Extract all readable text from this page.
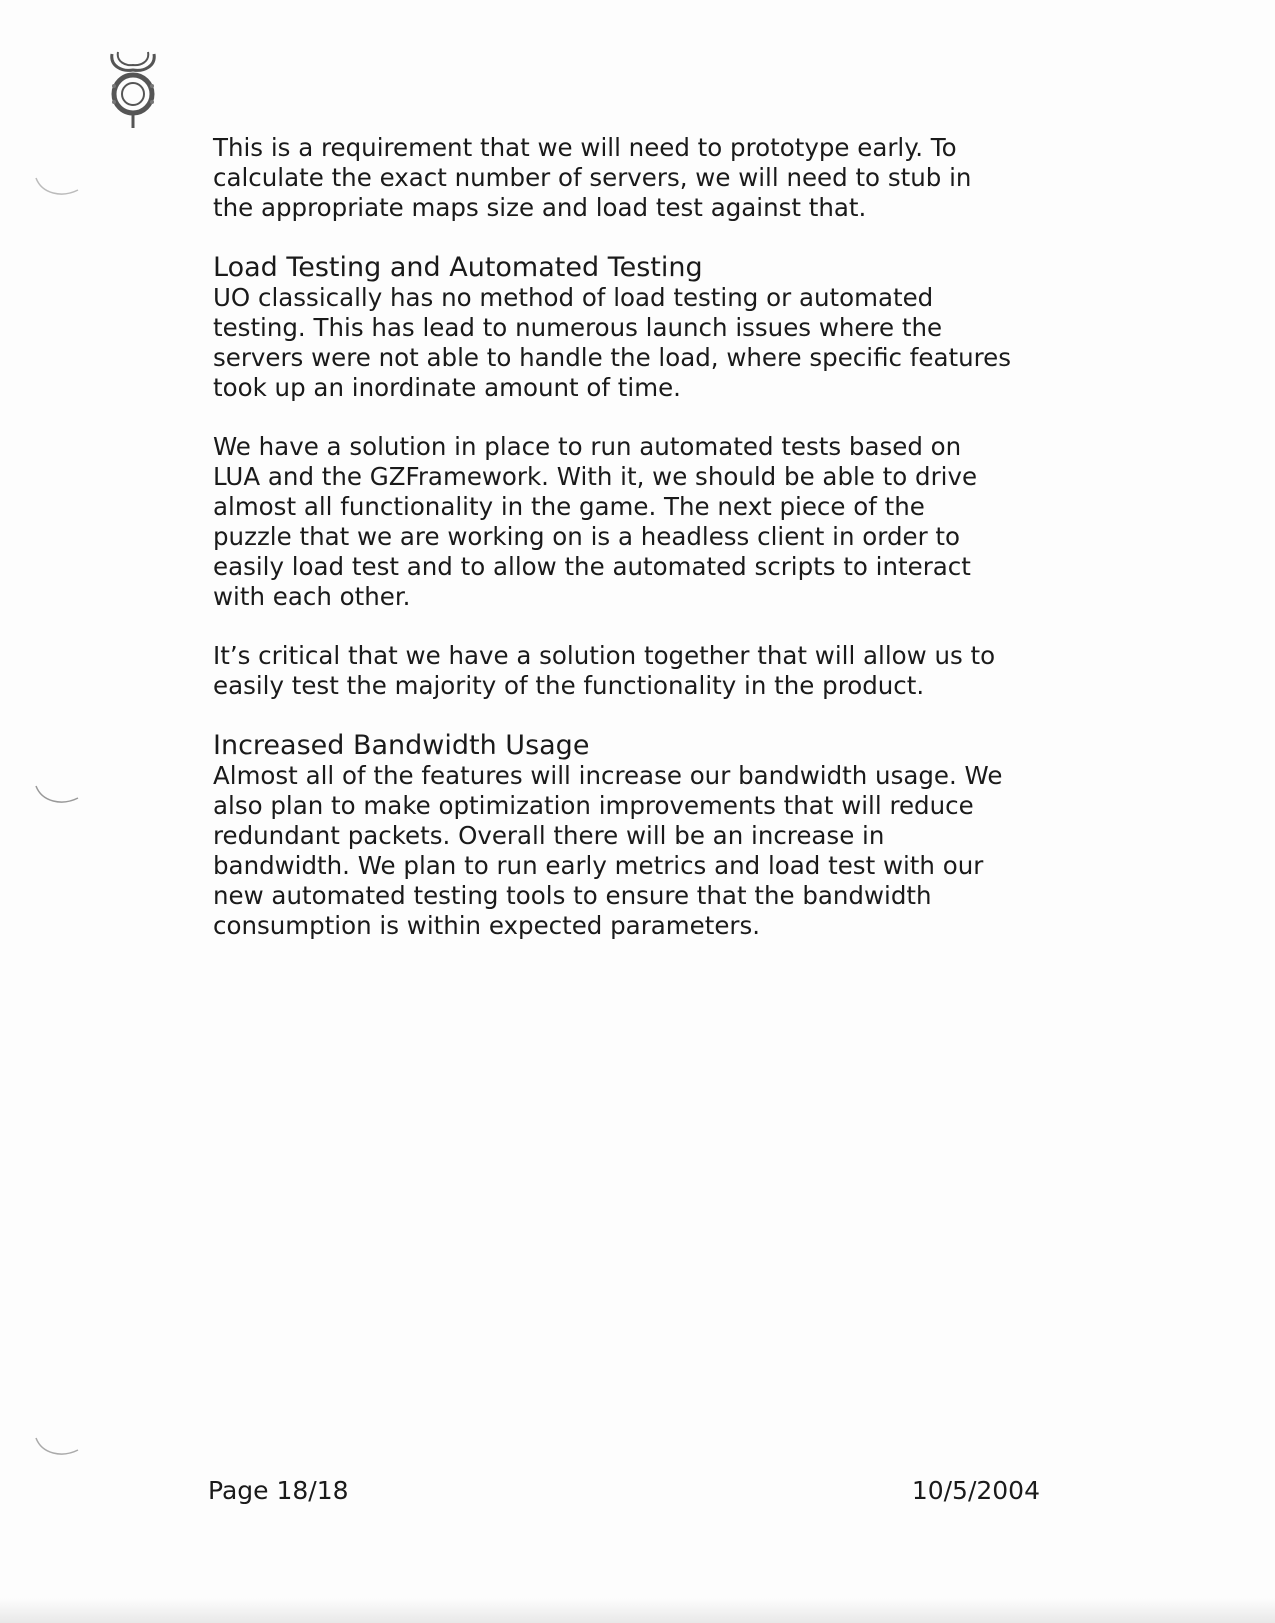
This is a requirement that we will need to prototype early. To
calculate the exact number of servers, we will need to stub in
the appropriate maps size and load test against that.

Load Testing and Automated Testing

UO classically has no method of load testing or automated
testing. This has lead to numerous launch issues where the
servers were not able to handle the load, where specific features
took up an inordinate amount of time.

We have a solution in place to run automated tests based on
LUA and the GZFramework. With it, we should be able to drive
almost all functionality in the game. The next piece of the
puzzle that we are working on is a headless client in order to
easily load test and to allow the automated scripts to interact
with each other.

It’s critical that we have a solution together that will allow us to
easily test the majority of the functionality in the product.

Increased Bandwidth Usage

Almost all of the features will increase our bandwidth usage. We
also plan to make optimization improvements that will reduce
redundant packets. Overall there will be an increase in
bandwidth. We plan to run early metrics and load test with our
new automated testing tools to ensure that the bandwidth
consumption is within expected parameters.

Page 18/18	10/5/2004
